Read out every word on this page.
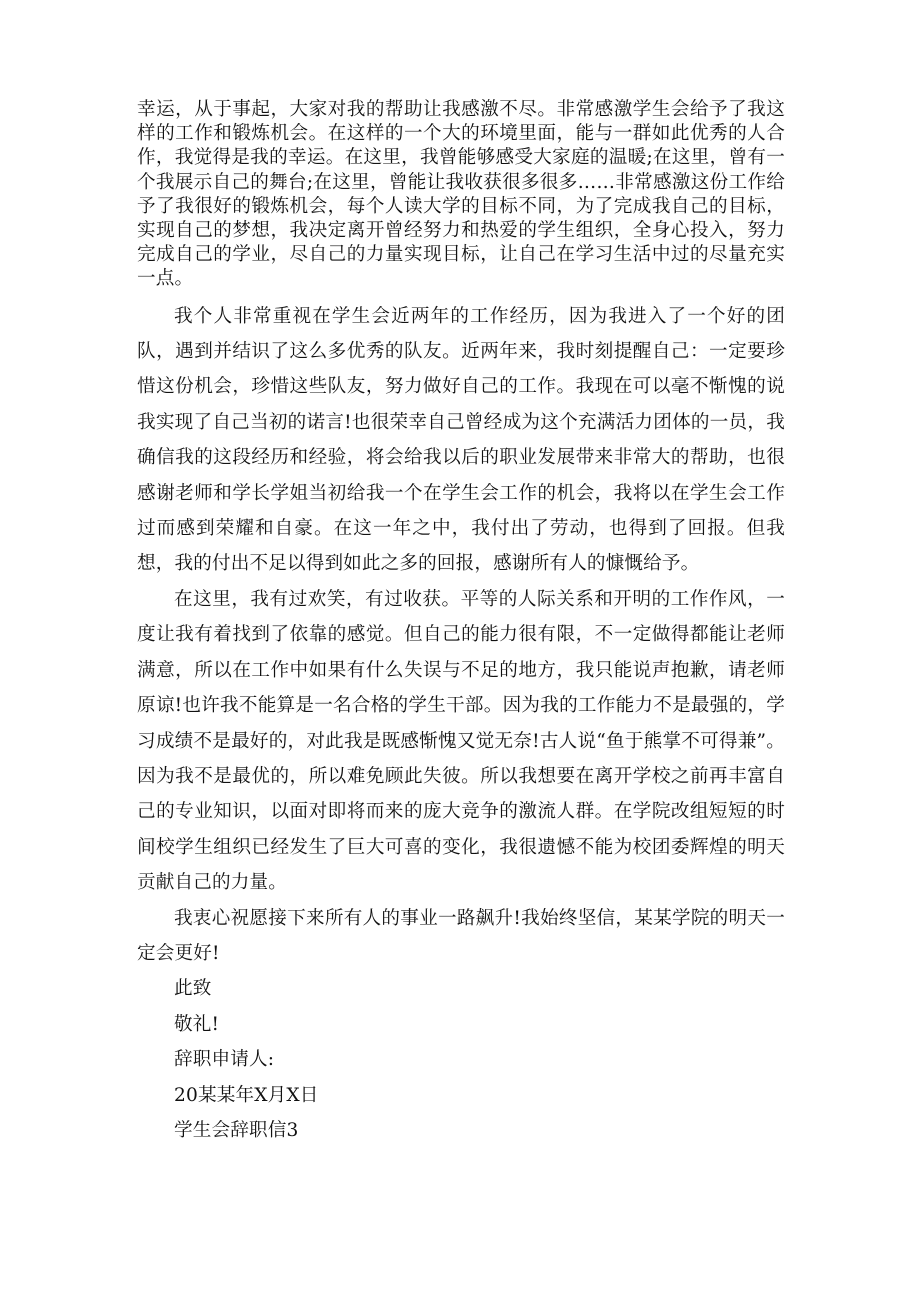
幸运，从于事起，大家对我的帮助让我感激不尽。非常感激学生会给予了我这样的工作和锻炼机会。在这样的一个大的环境里面，能与一群如此优秀的人合作，我觉得是我的幸运。在这里，我曾能够感受大家庭的温暖;在这里，曾有一个我展示自己的舞台;在这里，曾能让我收获很多很多……非常感激这份工作给予了我很好的锻炼机会，每个人读大学的目标不同，为了完成我自己的目标，实现自己的梦想，我决定离开曾经努力和热爱的学生组织，全身心投入，努力完成自己的学业，尽自己的力量实现目标，让自己在学习生活中过的尽量充实一点。

我个人非常重视在学生会近两年的工作经历，因为我进入了一个好的团队，遇到并结识了这么多优秀的队友。近两年来，我时刻提醒自己：一定要珍惜这份机会，珍惜这些队友，努力做好自己的工作。我现在可以毫不惭愧的说我实现了自己当初的诺言!也很荣幸自己曾经成为这个充满活力团体的一员，我确信我的这段经历和经验，将会给我以后的职业发展带来非常大的帮助，也很感谢老师和学长学姐当初给我一个在学生会工作的机会，我将以在学生会工作过而感到荣耀和自豪。在这一年之中，我付出了劳动，也得到了回报。但我想，我的付出不足以得到如此之多的回报，感谢所有人的慷慨给予。

在这里，我有过欢笑，有过收获。平等的人际关系和开明的工作作风，一度让我有着找到了依靠的感觉。但自己的能力很有限，不一定做得都能让老师满意，所以在工作中如果有什么失误与不足的地方，我只能说声抱歉，请老师原谅!也许我不能算是一名合格的学生干部。因为我的工作能力不是最强的，学习成绩不是最好的，对此我是既感惭愧又觉无奈!古人说“鱼于熊掌不可得兼”。因为我不是最优的，所以难免顾此失彼。所以我想要在离开学校之前再丰富自己的专业知识，以面对即将而来的庞大竞争的激流人群。在学院改组短短的时间校学生组织已经发生了巨大可喜的变化，我很遗憾不能为校团委辉煌的明天贡献自己的力量。

我衷心祝愿接下来所有人的事业一路飙升!我始终坚信，某某学院的明天一定会更好!

此致

敬礼!

辞职申请人:

20某某年X月X日

学生会辞职信3
